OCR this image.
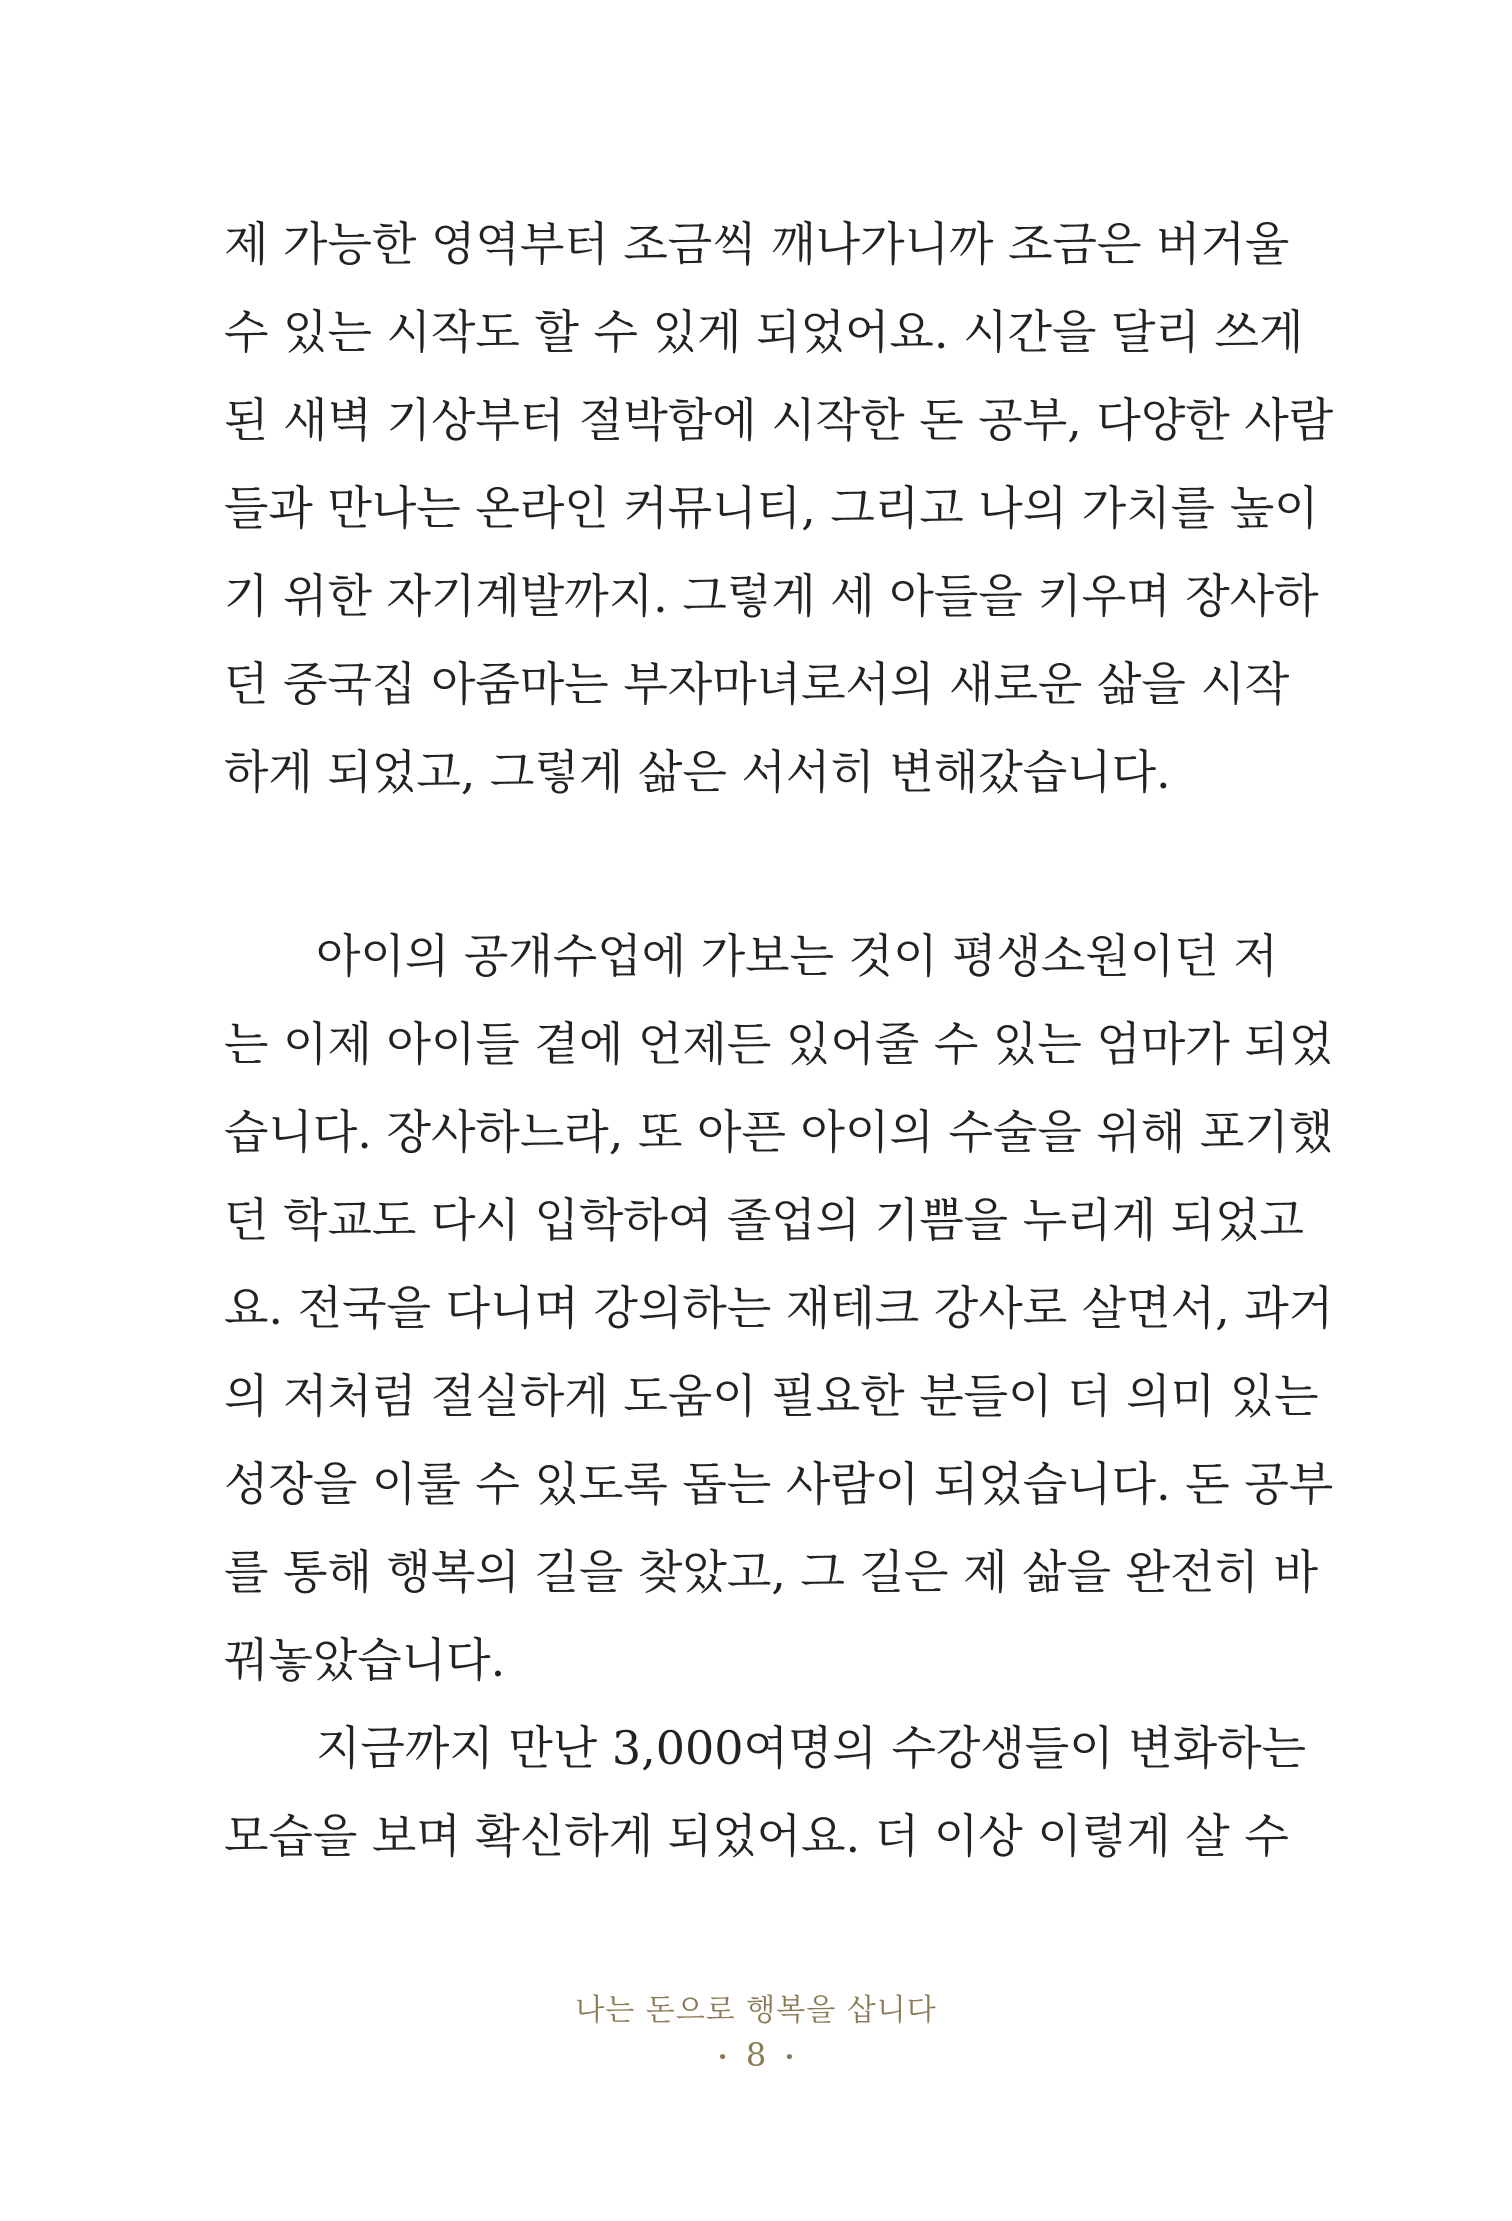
제 가능한 영역부터 조금씩 깨나가니까 조금은 버거울
수 있는 시작도 할 수 있게 되었어요. 시간을 달리 쓰게
된 새벽 기상부터 절박함에 시작한 돈 공부, 다양한 사람
들과 만나는 온라인 커뮤니티, 그리고 나의 가치를 높이
기 위한 자기계발까지. 그렇게 세 아들을 키우며 장사하
던 중국집 아줌마는 부자마녀로서의 새로운 삶을 시작
하게 되었고, 그렇게 삶은 서서히 변해갔습니다.
아이의 공개수업에 가보는 것이 평생소원이던 저
는 이제 아이들 곁에 언제든 있어줄 수 있는 엄마가 되었
습니다. 장사하느라, 또 아픈 아이의 수술을 위해 포기했
던 학교도 다시 입학하여 졸업의 기쁨을 누리게 되었고
요. 전국을 다니며 강의하는 재테크 강사로 살면서, 과거
의 저처럼 절실하게 도움이 필요한 분들이 더 의미 있는
성장을 이룰 수 있도록 돕는 사람이 되었습니다. 돈 공부
를 통해 행복의 길을 찾았고, 그 길은 제 삶을 완전히 바
꿔놓았습니다.
지금까지 만난 3,000여명의 수강생들이 변화하는
모습을 보며 확신하게 되었어요. 더 이상 이렇게 살 수
나는 돈으로 행복을 삽니다
• 8 •
